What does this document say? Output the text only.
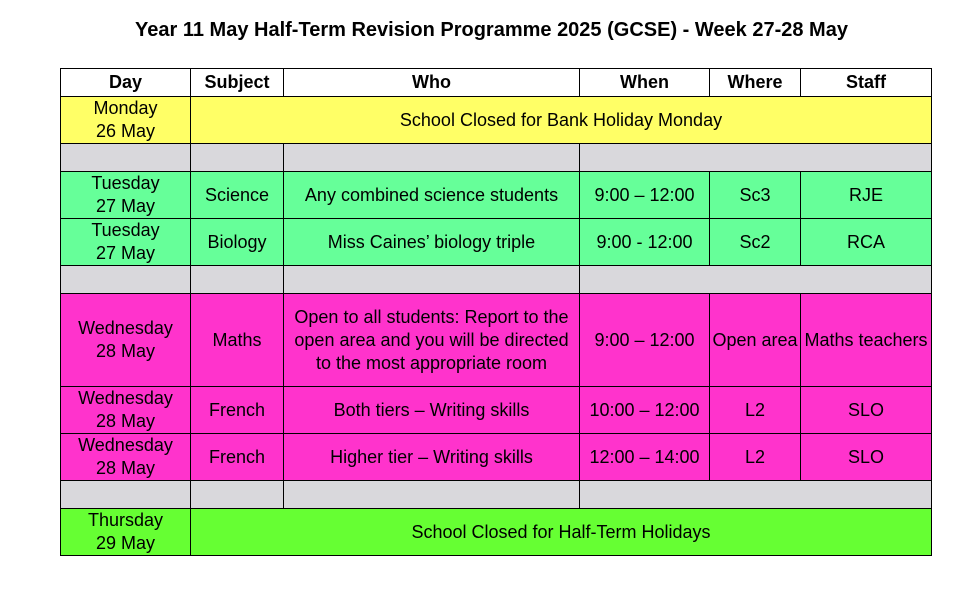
Year 11 May Half-Term Revision Programme 2025 (GCSE) - Week 27-28 May
Day	Subject	Who	When	Where	Staff
Monday
26 May	School Closed for Bank Holiday Monday				

Tuesday
27 May	Science	Any combined science students	9:00 – 12:00	Sc3	RJE
Tuesday
27 May	Biology	Miss Caines’ biology triple	9:00 - 12:00	Sc2	RCA

Wednesday
28 May	Maths	Open to all students: Report to the open area and you will be directed to the most appropriate room	9:00 – 12:00	Open area	Maths teachers
Wednesday
28 May	French	Both tiers – Writing skills	10:00 – 12:00	L2	SLO
Wednesday
28 May	French	Higher tier – Writing skills	12:00 – 14:00	L2	SLO

Thursday
29 May	School Closed for Half-Term Holidays				
